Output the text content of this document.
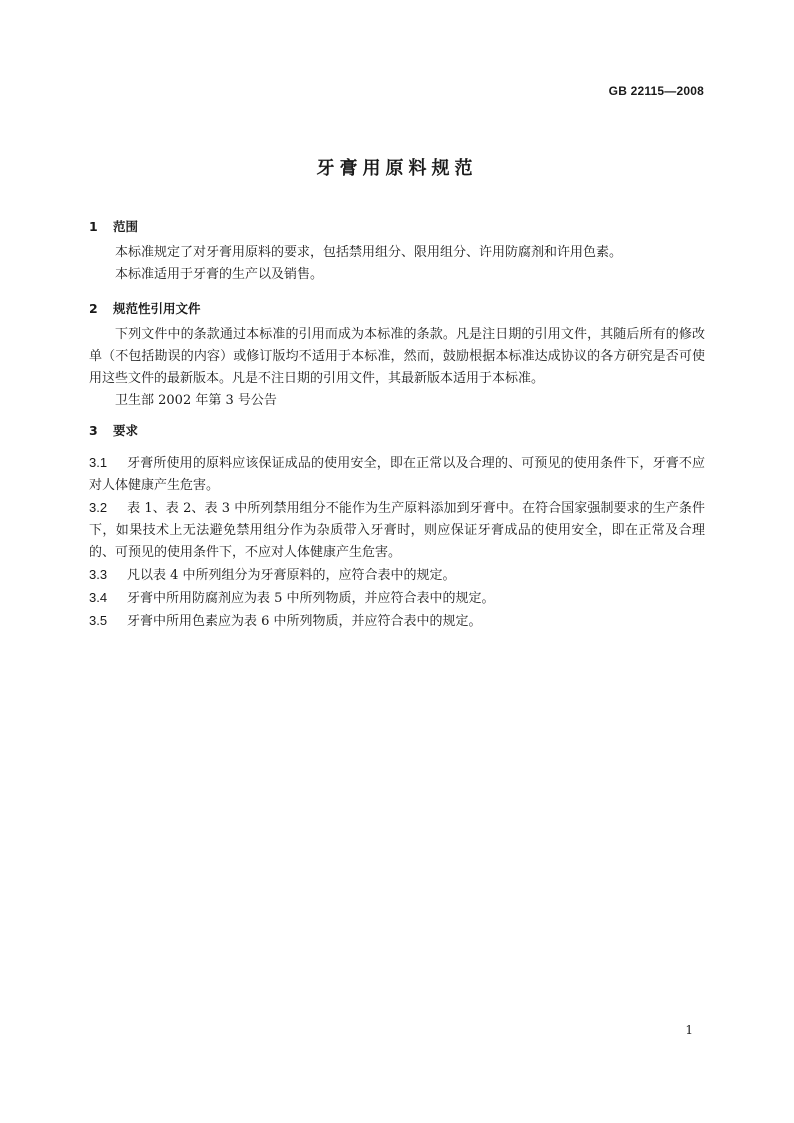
GB 22115—2008
牙膏用原料规范

1 范围

本标准规定了对牙膏用原料的要求，包括禁用组分、限用组分、许用防腐剂和许用色素。

本标准适用于牙膏的生产以及销售。

2 规范性引用文件

下列文件中的条款通过本标准的引用而成为本标准的条款。凡是注日期的引用文件，其随后所有的修改单（不包括勘误的内容）或修订版均不适用于本标准，然而，鼓励根据本标准达成协议的各方研究是否可使用这些文件的最新版本。凡是不注日期的引用文件，其最新版本适用于本标准。

卫生部 2002 年第 3 号公告

3 要求

3.1 牙膏所使用的原料应该保证成品的使用安全，即在正常以及合理的、可预见的使用条件下，牙膏不应对人体健康产生危害。

3.2 表 1、表 2、表 3 中所列禁用组分不能作为生产原料添加到牙膏中。在符合国家强制要求的生产条件下，如果技术上无法避免禁用组分作为杂质带入牙膏时，则应保证牙膏成品的使用安全，即在正常及合理的、可预见的使用条件下，不应对人体健康产生危害。

3.3 凡以表 4 中所列组分为牙膏原料的，应符合表中的规定。

3.4 牙膏中所用防腐剂应为表 5 中所列物质，并应符合表中的规定。

3.5 牙膏中所用色素应为表 6 中所列物质，并应符合表中的规定。

1
